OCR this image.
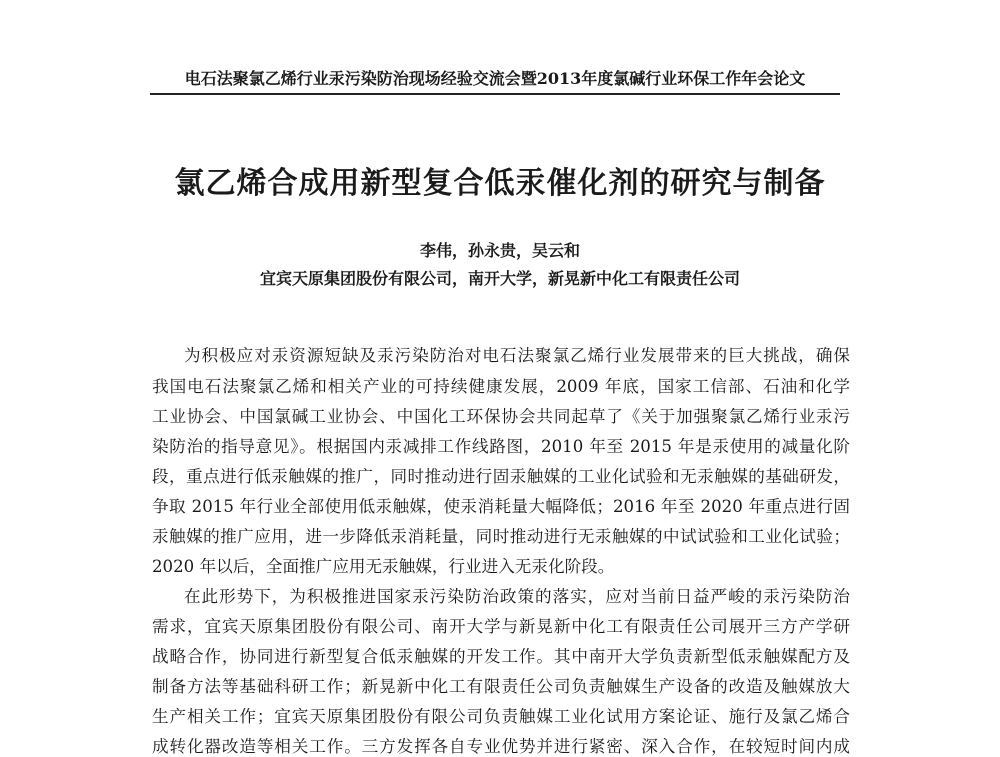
电石法聚氯乙烯行业汞污染防治现场经验交流会暨2013年度氯碱行业环保工作年会论文
氯乙烯合成用新型复合低汞催化剂的研究与制备
李伟，孙永贵，吴云和
宜宾天原集团股份有限公司，南开大学，新晃新中化工有限责任公司
为积极应对汞资源短缺及汞污染防治对电石法聚氯乙烯行业发展带来的巨大挑战，确保
我国电石法聚氯乙烯和相关产业的可持续健康发展，2009 年底，国家工信部、石油和化学
工业协会、中国氯碱工业协会、中国化工环保协会共同起草了《关于加强聚氯乙烯行业汞污
染防治的指导意见》。根据国内汞减排工作线路图，2010 年至 2015 年是汞使用的减量化阶
段，重点进行低汞触媒的推广，同时推动进行固汞触媒的工业化试验和无汞触媒的基础研发，
争取 2015 年行业全部使用低汞触媒，使汞消耗量大幅降低；2016 年至 2020 年重点进行固
汞触媒的推广应用，进一步降低汞消耗量，同时推动进行无汞触媒的中试试验和工业化试验；
2020 年以后，全面推广应用无汞触媒，行业进入无汞化阶段。
在此形势下，为积极推进国家汞污染防治政策的落实，应对当前日益严峻的汞污染防治
需求，宜宾天原集团股份有限公司、南开大学与新晃新中化工有限责任公司展开三方产学研
战略合作，协同进行新型复合低汞触媒的开发工作。其中南开大学负责新型低汞触媒配方及
制备方法等基础科研工作；新晃新中化工有限责任公司负责触媒生产设备的改造及触媒放大
生产相关工作；宜宾天原集团股份有限公司负责触媒工业化试用方案论证、施行及氯乙烯合
成转化器改造等相关工作。三方发挥各自专业优势并进行紧密、深入合作，在较短时间内成
